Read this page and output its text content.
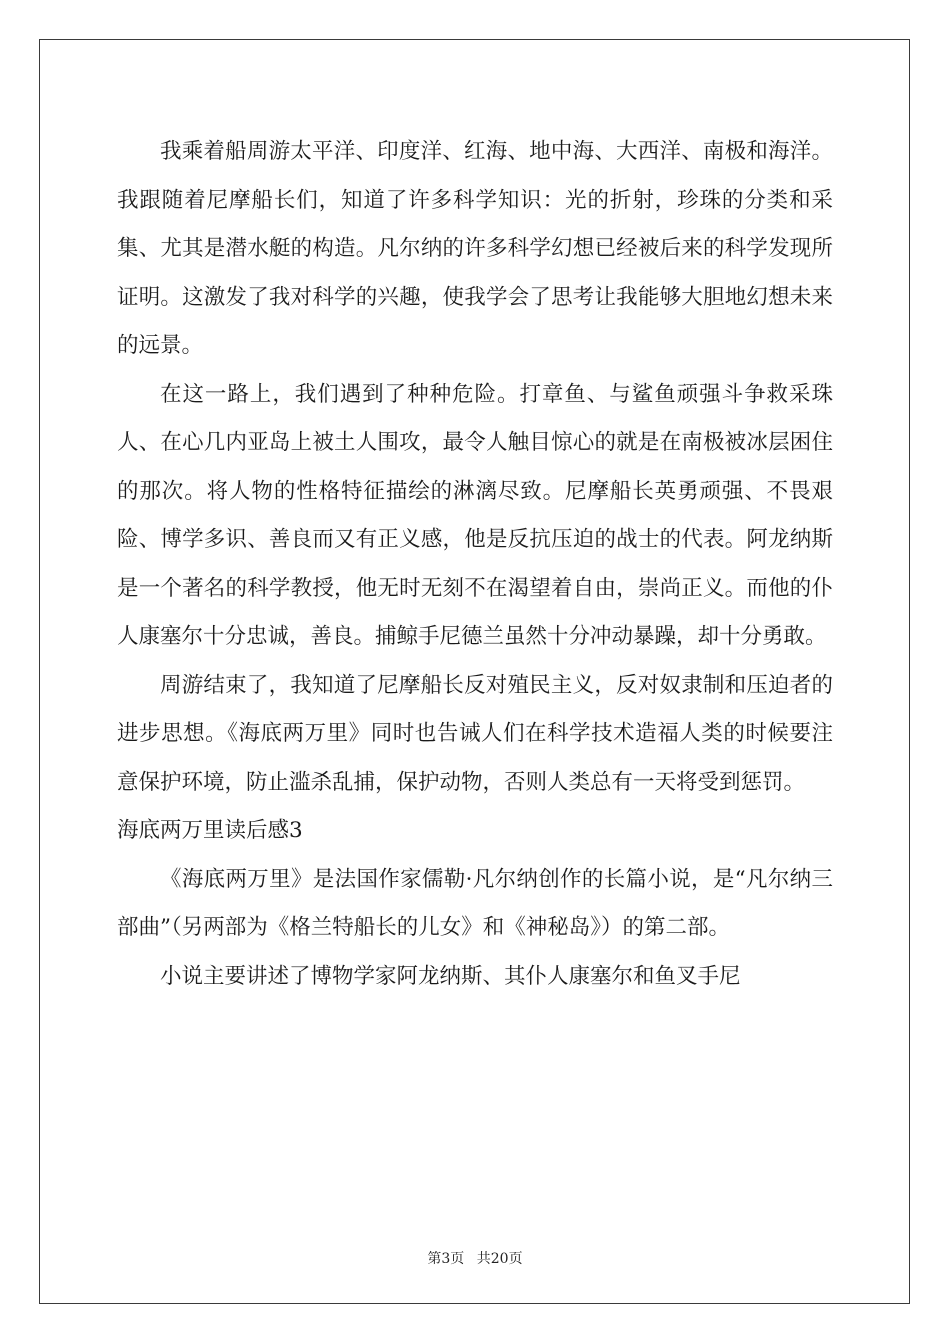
我乘着船周游太平洋、印度洋、红海、地中海、大西洋、南极和海洋。我跟随着尼摩船长们，知道了许多科学知识：光的折射，珍珠的分类和采集、尤其是潜水艇的构造。凡尔纳的许多科学幻想已经被后来的科学发现所证明。这激发了我对科学的兴趣，使我学会了思考让我能够大胆地幻想未来的远景。

在这一路上，我们遇到了种种危险。打章鱼、与鲨鱼顽强斗争救采珠人、在心几内亚岛上被土人围攻，最令人触目惊心的就是在南极被冰层困住的那次。将人物的性格特征描绘的淋漓尽致。尼摩船长英勇顽强、不畏艰险、博学多识、善良而又有正义感，他是反抗压迫的战士的代表。阿龙纳斯是一个著名的科学教授，他无时无刻不在渴望着自由，崇尚正义。而他的仆人康塞尔十分忠诚，善良。捕鲸手尼德兰虽然十分冲动暴躁，却十分勇敢。

周游结束了，我知道了尼摩船长反对殖民主义，反对奴隶制和压迫者的进步思想。《海底两万里》同时也告诫人们在科学技术造福人类的时候要注意保护环境，防止滥杀乱捕，保护动物，否则人类总有一天将受到惩罚。

海底两万里读后感3

《海底两万里》是法国作家儒勒·凡尔纳创作的长篇小说，是“凡尔纳三部曲”（另两部为《格兰特船长的儿女》和《神秘岛》）的第二部。

小说主要讲述了博物学家阿龙纳斯、其仆人康塞尔和鱼叉手尼

第3页 共20页
